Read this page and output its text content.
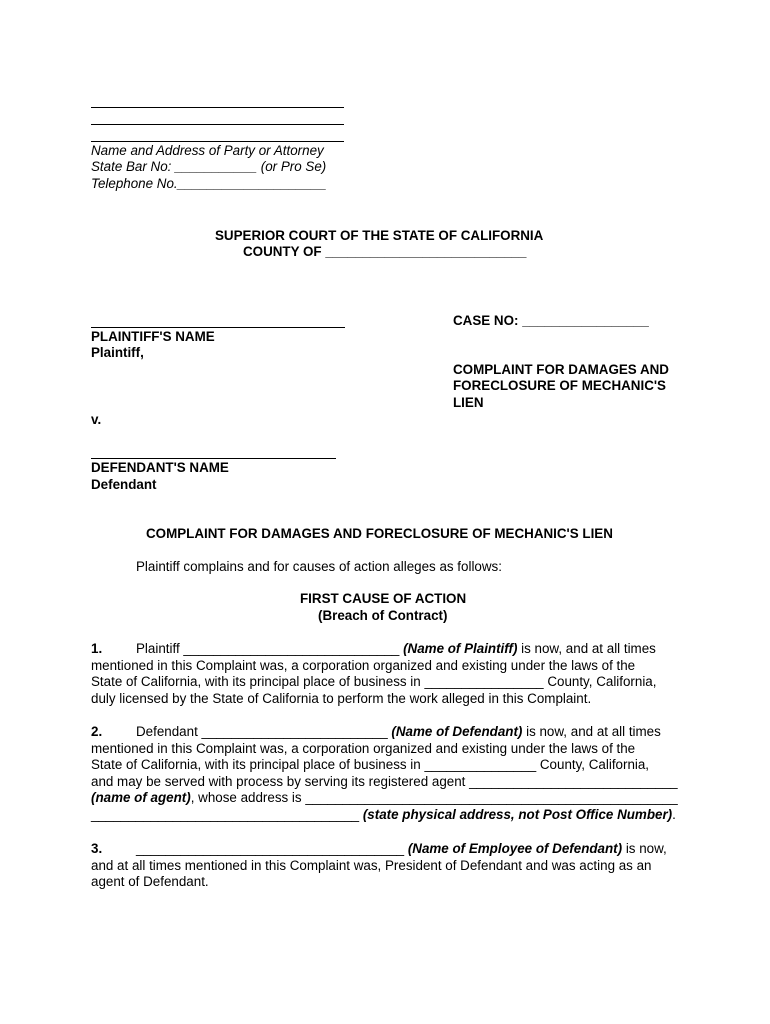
Name and Address of Party or Attorney
State Bar No: ___________ (or Pro Se)
Telephone No.____________________
SUPERIOR COURT OF THE STATE OF CALIFORNIA
COUNTY OF ___________________________
PLAINTIFF'S NAME
Plaintiff,
v.
DEFENDANT'S NAME
Defendant
CASE NO: _________________
COMPLAINT FOR DAMAGES AND
FORECLOSURE OF MECHANIC'S
LIEN
COMPLAINT FOR DAMAGES AND FORECLOSURE OF MECHANIC'S LIEN
Plaintiff complains and for causes of action alleges as follows:
FIRST CAUSE OF ACTION
(Breach of Contract)
1.	Plaintiff _____________________________ (Name of Plaintiff) is now, and at all times
mentioned in this Complaint was, a corporation organized and existing under the laws of the
State of California, with its principal place of business in ________________ County, California,
duly licensed by the State of California to perform the work alleged in this Complaint.
2.	Defendant _________________________ (Name of Defendant) is now, and at all times
mentioned in this Complaint was, a corporation organized and existing under the laws of the
State of California, with its principal place of business in _______________ County, California,
and may be served with process by serving its registered agent ____________________________
(name of agent), whose address is __________________________________________________
____________________________________ (state physical address, not Post Office Number).
3.	____________________________________ (Name of Employee of Defendant) is now,
and at all times mentioned in this Complaint was, President of Defendant and was acting as an
agent of Defendant.
